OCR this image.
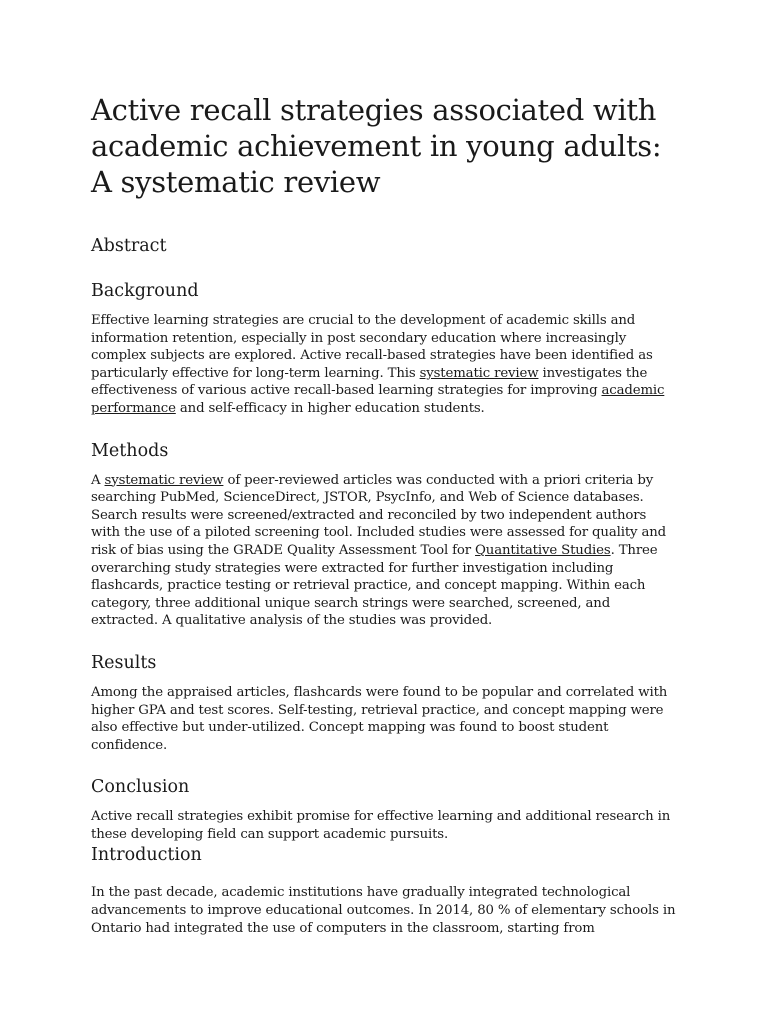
Active recall strategies associated with academic achievement in young adults: A systematic review
Abstract
Background

Effective learning strategies are crucial to the development of academic skills and information retention, especially in post secondary education where increasingly complex subjects are explored. Active recall-based strategies have been identified as particularly effective for long-term learning. This systematic review investigates the effectiveness of various active recall-based learning strategies for improving academic performance and self-efficacy in higher education students.

Methods

A systematic review of peer-reviewed articles was conducted with a priori criteria by searching PubMed, ScienceDirect, JSTOR, PsycInfo, and Web of Science databases. Search results were screened/extracted and reconciled by two independent authors with the use of a piloted screening tool. Included studies were assessed for quality and risk of bias using the GRADE Quality Assessment Tool for Quantitative Studies. Three overarching study strategies were extracted for further investigation including flashcards, practice testing or retrieval practice, and concept mapping. Within each category, three additional unique search strings were searched, screened, and extracted. A qualitative analysis of the studies was provided.

Results

Among the appraised articles, flashcards were found to be popular and correlated with higher GPA and test scores. Self-testing, retrieval practice, and concept mapping were also effective but under-utilized. Concept mapping was found to boost student confidence.

Conclusion

Active recall strategies exhibit promise for effective learning and additional research in these developing field can support academic pursuits.

Introduction

In the past decade, academic institutions have gradually integrated technological advancements to improve educational outcomes. In 2014, 80 % of elementary schools in Ontario had integrated the use of computers in the classroom, starting from
